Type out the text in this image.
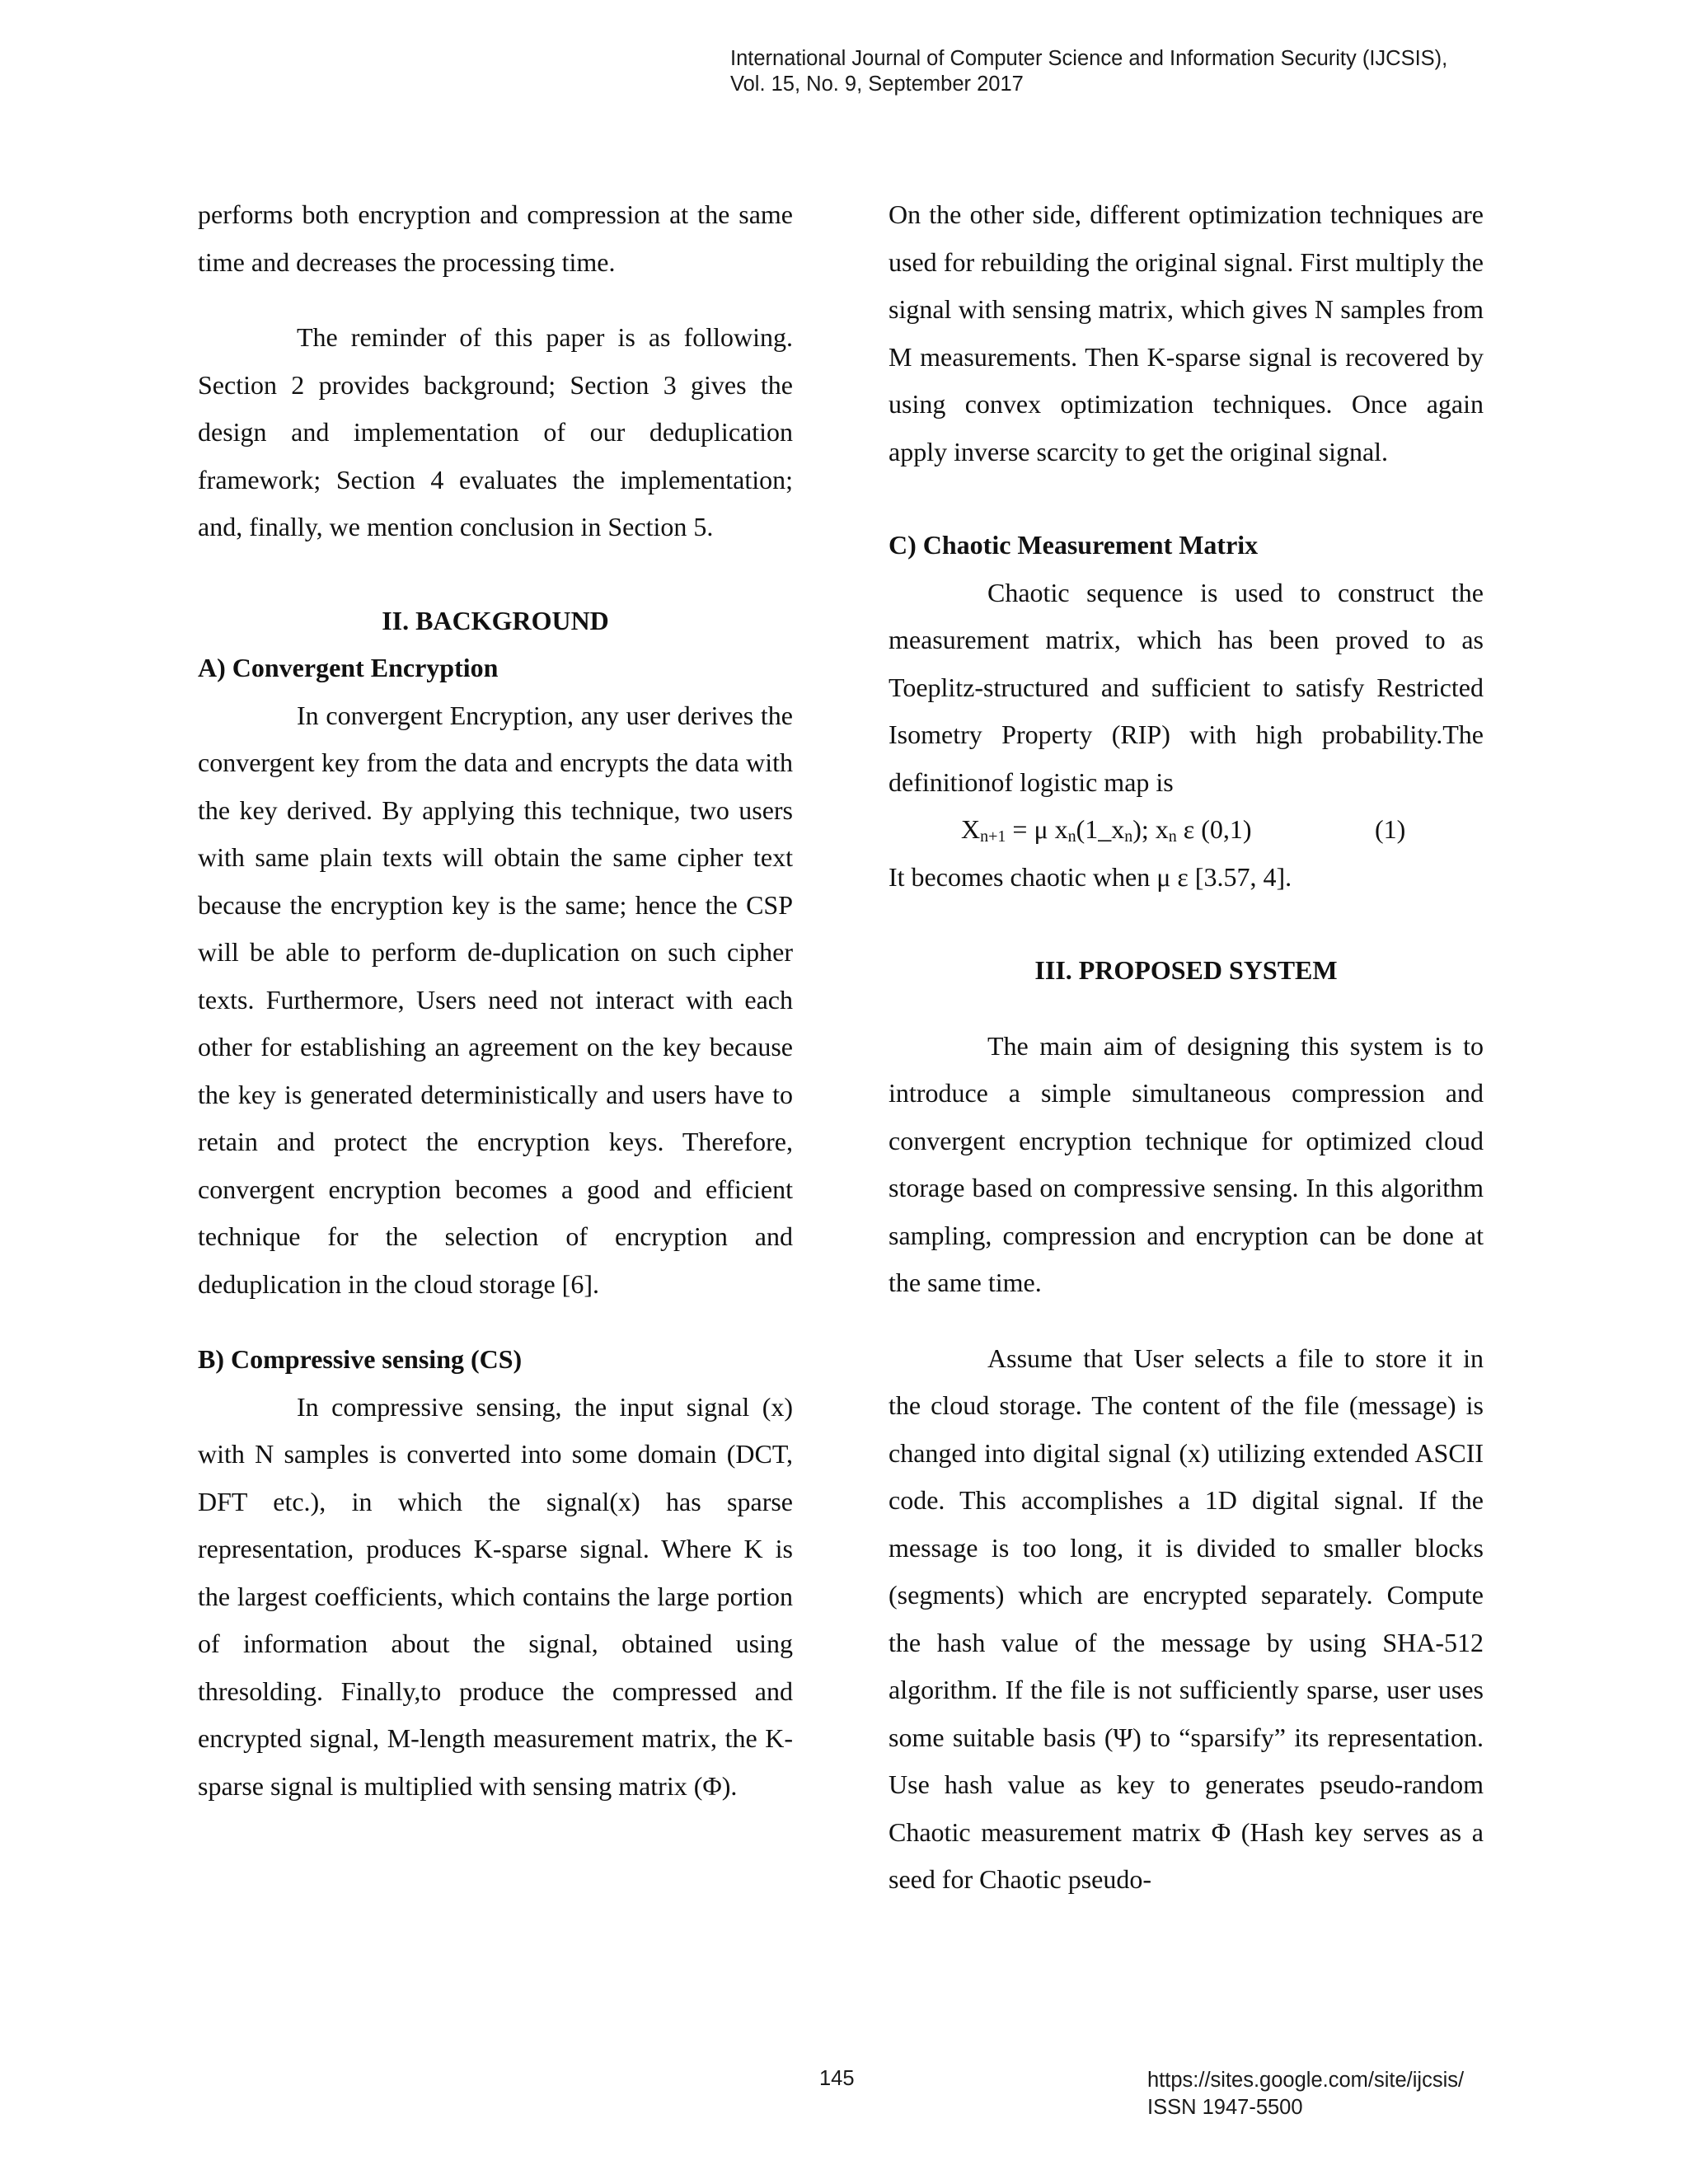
International Journal of Computer Science and Information Security (IJCSIS),
Vol. 15, No. 9, September 2017

performs both encryption and compression at the same time and decreases the processing time.

The reminder of this paper is as following. Section 2 provides background; Section 3 gives the design and implementation of our deduplication framework; Section 4 evaluates the implementation; and, finally, we mention conclusion in Section 5.

II. BACKGROUND
A) Convergent Encryption

In convergent Encryption, any user derives the convergent key from the data and encrypts the data with the key derived. By applying this technique, two users with same plain texts will obtain the same cipher text because the encryption key is the same; hence the CSP will be able to perform de-duplication on such cipher texts. Furthermore, Users need not interact with each other for establishing an agreement on the key because the key is generated deterministically and users have to retain and protect the encryption keys. Therefore, convergent encryption becomes a good and efficient technique for the selection of encryption and deduplication in the cloud storage [6].

B) Compressive sensing (CS)

In compressive sensing, the input signal (x) with N samples is converted into some domain (DCT, DFT etc.), in which the signal(x) has sparse representation, produces K-sparse signal. Where K is the largest coefficients, which contains the large portion of information about the signal, obtained using thresolding. Finally,to produce the compressed and encrypted signal, M-length measurement matrix, the K-sparse signal is multiplied with sensing matrix (Φ).

On the other side, different optimization techniques are used for rebuilding the original signal. First multiply the signal with sensing matrix, which gives N samples from M measurements. Then K-sparse signal is recovered by using convex optimization techniques. Once again apply inverse scarcity to get the original signal.

C) Chaotic Measurement Matrix

Chaotic sequence is used to construct the measurement matrix, which has been proved to as Toeplitz-structured and sufficient to satisfy Restricted Isometry Property (RIP) with high probability.The definitionof logistic map is

$X_{n+1} = \mu$ $x_n(1\_x_n)$; $x_n$ ε (0,1)	(1)

It becomes chaotic when μ ε [3.57, 4].

III. PROPOSED SYSTEM

The main aim of designing this system is to introduce a simple simultaneous compression and convergent encryption technique for optimized cloud storage based on compressive sensing. In this algorithm sampling, compression and encryption can be done at the same time.

Assume that User selects a file to store it in the cloud storage. The content of the file (message) is changed into digital signal (x) utilizing extended ASCII code. This accomplishes a 1D digital signal. If the message is too long, it is divided to smaller blocks (segments) which are encrypted separately. Compute the hash value of the message by using SHA-512 algorithm. If the file is not sufficiently sparse, user uses some suitable basis (Ψ) to “sparsify” its representation. Use hash value as key to generates pseudo-random Chaotic measurement matrix Φ (Hash key serves as a seed for Chaotic pseudo-

145	https://sites.google.com/site/ijcsis/
ISSN 1947-5500
